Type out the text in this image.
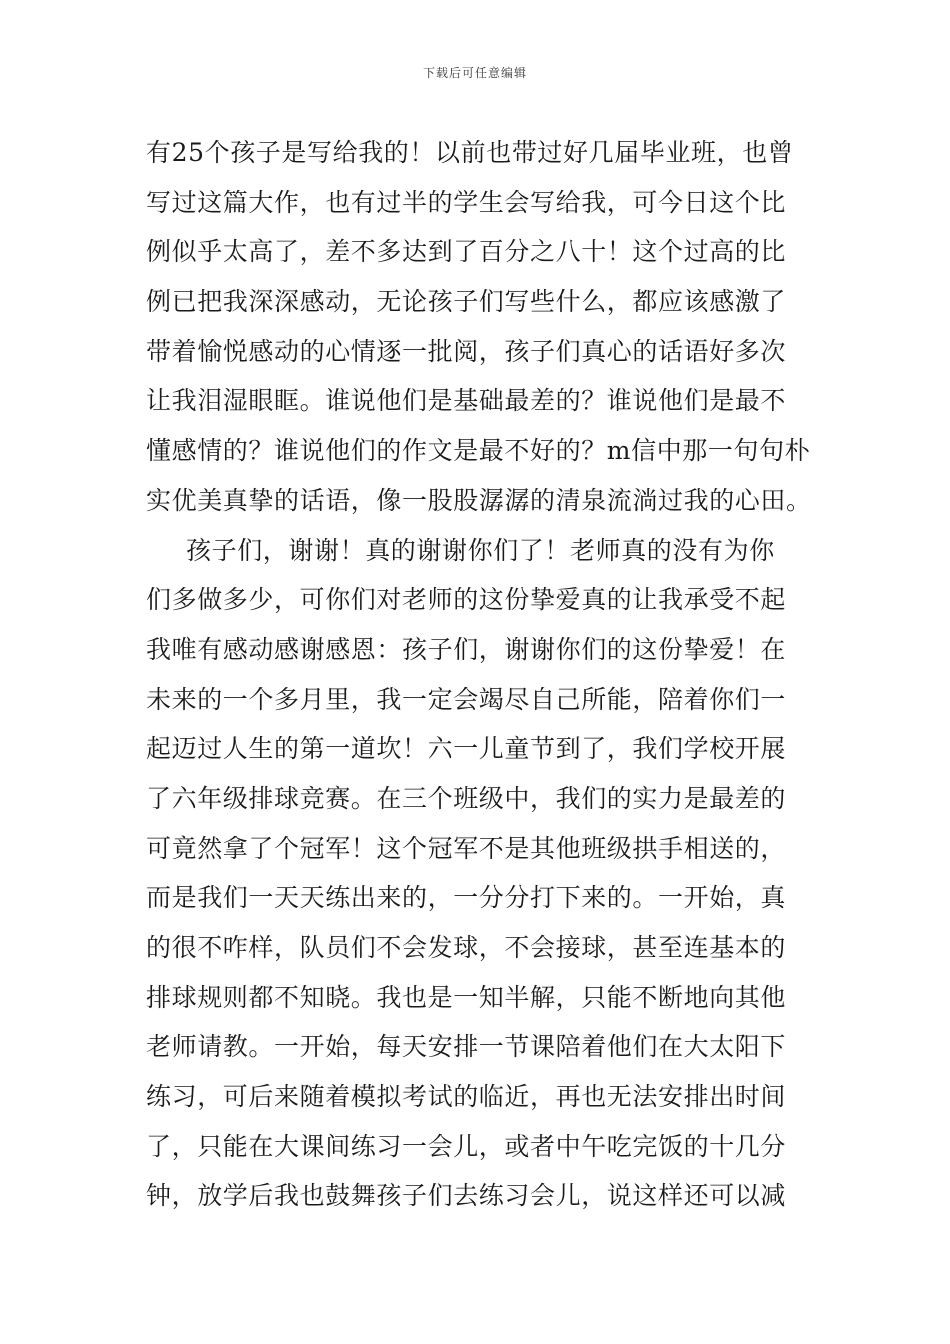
下载后可任意编辑
有25个孩子是写给我的！以前也带过好几届毕业班，也曾
写过这篇大作，也有过半的学生会写给我，可今日这个比
例似乎太高了，差不多达到了百分之八十！这个过高的比
例已把我深深感动，无论孩子们写些什么，都应该感激了
带着愉悦感动的心情逐一批阅，孩子们真心的话语好多次
让我泪湿眼眶。谁说他们是基础最差的？谁说他们是最不
懂感情的？谁说他们的作文是最不好的？m信中那一句句朴
实优美真挚的话语，像一股股潺潺的清泉流淌过我的心田。
孩子们，谢谢！真的谢谢你们了！老师真的没有为你
们多做多少，可你们对老师的这份挚爱真的让我承受不起
我唯有感动感谢感恩：孩子们，谢谢你们的这份挚爱！在
未来的一个多月里，我一定会竭尽自己所能，陪着你们一
起迈过人生的第一道坎！六一儿童节到了，我们学校开展
了六年级排球竞赛。在三个班级中，我们的实力是最差的
可竟然拿了个冠军！这个冠军不是其他班级拱手相送的，
而是我们一天天练出来的，一分分打下来的。一开始，真
的很不咋样，队员们不会发球，不会接球，甚至连基本的
排球规则都不知晓。我也是一知半解，只能不断地向其他
老师请教。一开始，每天安排一节课陪着他们在大太阳下
练习，可后来随着模拟考试的临近，再也无法安排出时间
了，只能在大课间练习一会儿，或者中午吃完饭的十几分
钟，放学后我也鼓舞孩子们去练习会儿，说这样还可以减
